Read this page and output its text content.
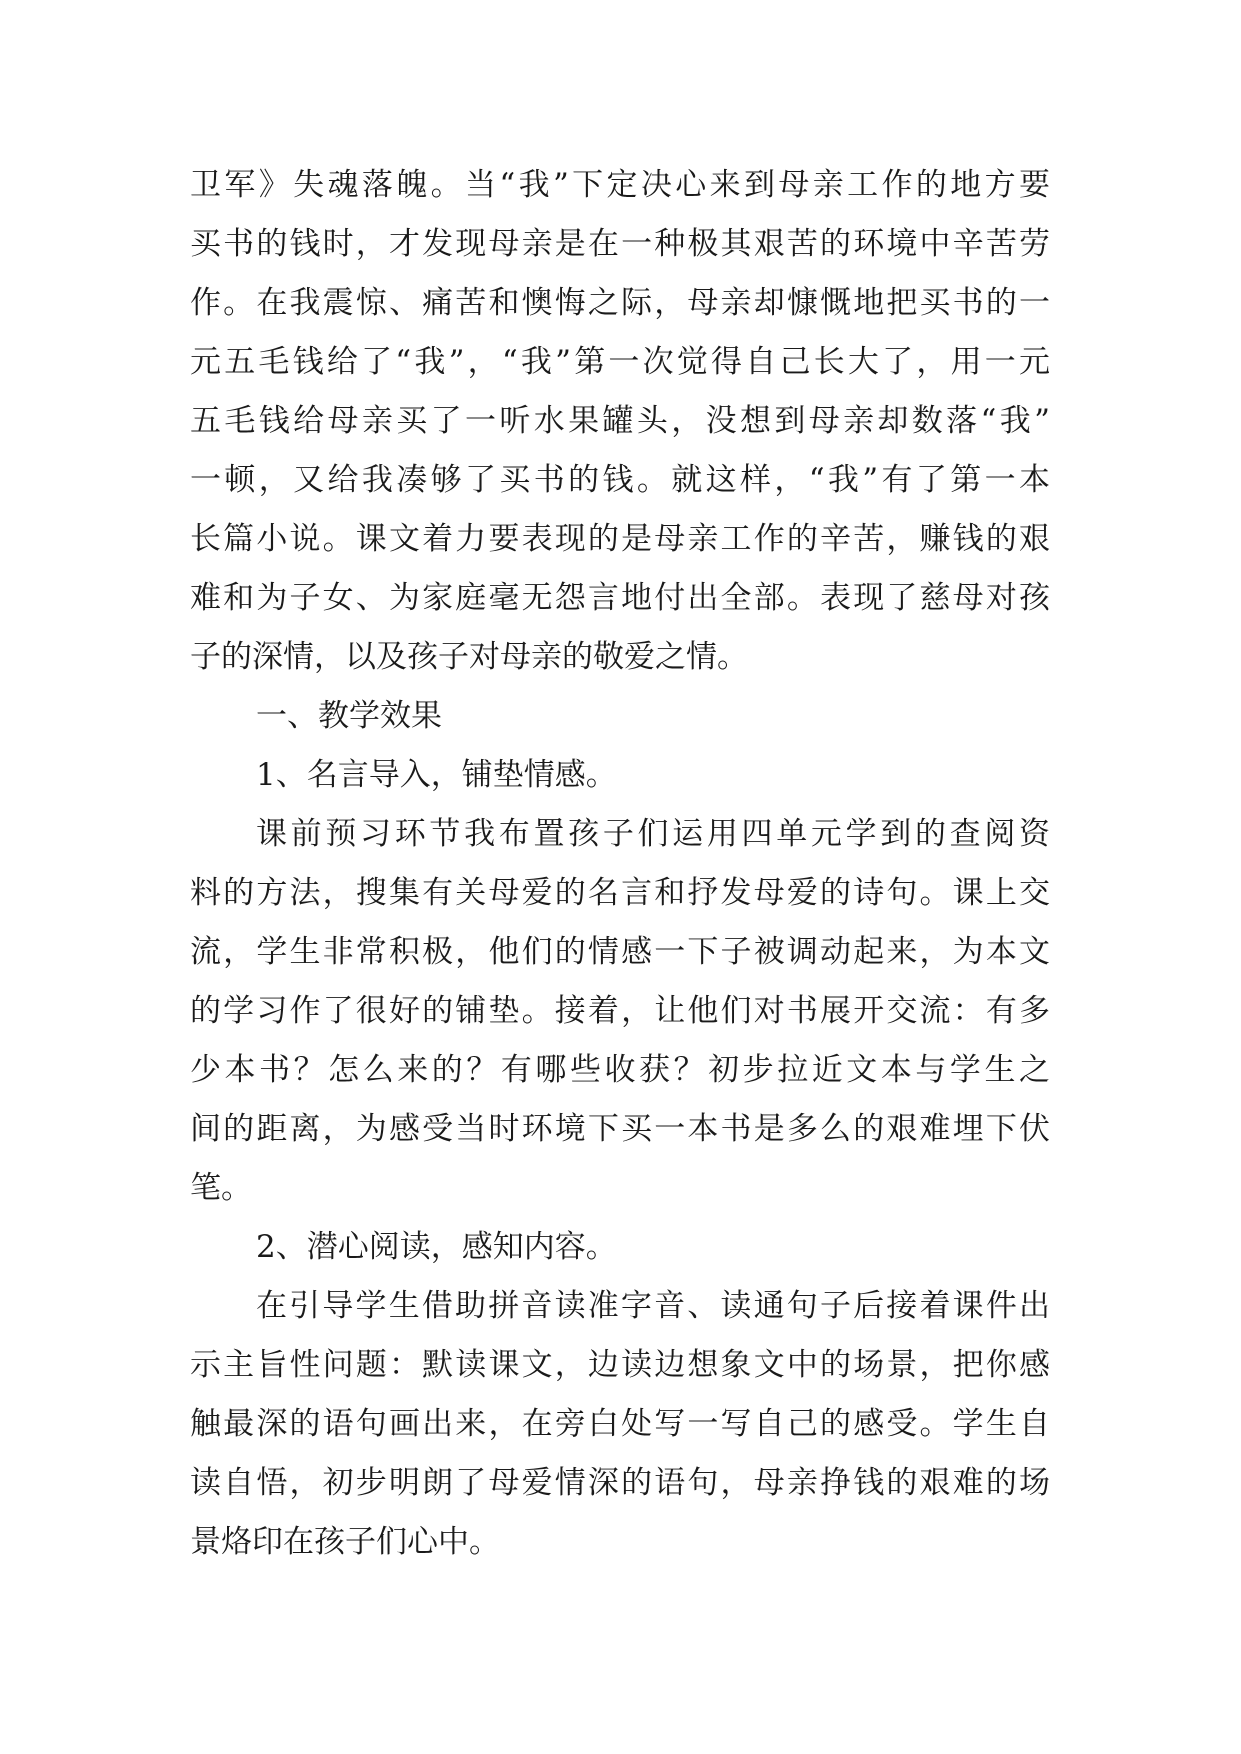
卫军》失魂落魄。当“我”下定决心来到母亲工作的地方要
买书的钱时，才发现母亲是在一种极其艰苦的环境中辛苦劳
作。在我震惊、痛苦和懊悔之际，母亲却慷慨地把买书的一
元五毛钱给了“我”，“我”第一次觉得自己长大了，用一元
五毛钱给母亲买了一听水果罐头，没想到母亲却数落“我”
一顿，又给我凑够了买书的钱。就这样，“我”有了第一本
长篇小说。课文着力要表现的是母亲工作的辛苦，赚钱的艰
难和为子女、为家庭毫无怨言地付出全部。表现了慈母对孩
子的深情，以及孩子对母亲的敬爱之情。
一、教学效果
1、名言导入，铺垫情感。
课前预习环节我布置孩子们运用四单元学到的查阅资
料的方法，搜集有关母爱的名言和抒发母爱的诗句。课上交
流，学生非常积极，他们的情感一下子被调动起来，为本文
的学习作了很好的铺垫。接着，让他们对书展开交流：有多
少本书？怎么来的？有哪些收获？初步拉近文本与学生之
间的距离，为感受当时环境下买一本书是多么的艰难埋下伏
笔。
2、潜心阅读，感知内容。
在引导学生借助拼音读准字音、读通句子后接着课件出
示主旨性问题：默读课文，边读边想象文中的场景，把你感
触最深的语句画出来，在旁白处写一写自己的感受。学生自
读自悟，初步明朗了母爱情深的语句，母亲挣钱的艰难的场
景烙印在孩子们心中。
